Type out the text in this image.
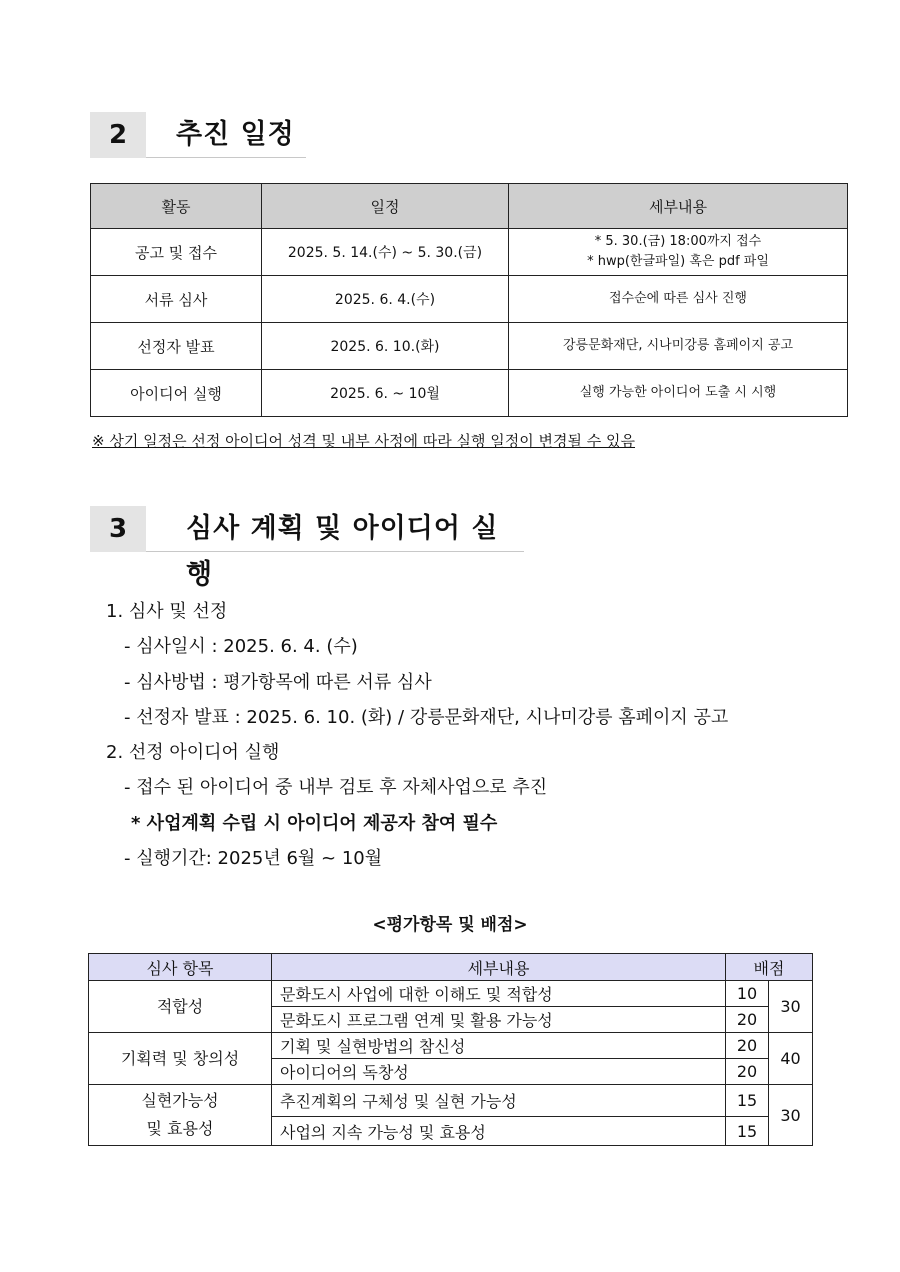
2	추진 일정
활동	일정	세부내용
공고 및 접수	2025. 5. 14.(수) ~ 5. 30.(금)	* 5. 30.(금) 18:00까지 접수
* hwp(한글파일) 혹은 pdf 파일

서류 심사	2025. 6. 4.(수)	접수순에 따른 심사 진행
선정자 발표	2025. 6. 10.(화)	강릉문화재단, 시나미강릉 홈페이지 공고
아이디어 실행	2025. 6. ~ 10월	실행 가능한 아이디어 도출 시 시행
※ 상기 일정은 선정 아이디어 성격 및 내부 사정에 따라 실행 일정이 변경될 수 있음
3	심사 계획 및 아이디어 실행
1. 심사 및 선정
- 심사일시 : 2025. 6. 4. (수)
- 심사방법 : 평가항목에 따른 서류 심사
- 선정자 발표 : 2025. 6. 10. (화) / 강릉문화재단, 시나미강릉 홈페이지 공고
2. 선정 아이디어 실행
- 접수 된 아이디어 중 내부 검토 후 자체사업으로 추진
* 사업계획 수립 시 아이디어 제공자 참여 필수
- 실행기간: 2025년 6월 ~ 10월
<평가항목 및 배점>
심사 항목	세부내용	배점	
적합성	문화도시 사업에 대한 이해도 및 적합성	10	30
	문화도시 프로그램 연계 및 활용 가능성	20	
기획력 및 창의성	기획 및 실현방법의 참신성	20	40
	아이디어의 독창성	20	

실현가능성
및 효용성	추진계획의 구체성 및 실현 가능성	15	30
	사업의 지속 가능성 및 효용성	15	
